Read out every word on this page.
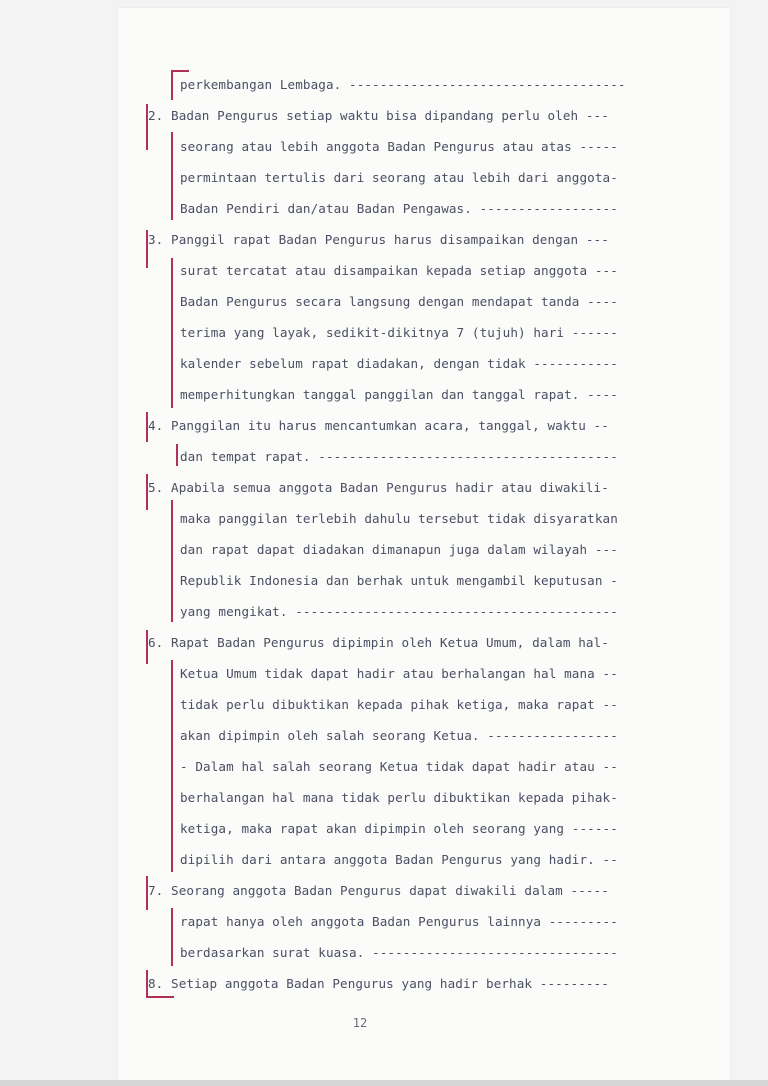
perkembangan Lembaga. ------------------------------------
2. Badan Pengurus setiap waktu bisa dipandang perlu oleh ---
seorang atau lebih anggota Badan Pengurus atau atas -----
permintaan tertulis dari seorang atau lebih dari anggota-
Badan Pendiri dan/atau Badan Pengawas. ------------------
3. Panggil rapat Badan Pengurus harus disampaikan dengan ---
surat tercatat atau disampaikan kepada setiap anggota ---
Badan Pengurus secara langsung dengan mendapat tanda ----
terima yang layak, sedikit-dikitnya 7 (tujuh) hari ------
kalender sebelum rapat diadakan, dengan tidak -----------
memperhitungkan tanggal panggilan dan tanggal rapat. ----
4. Panggilan itu harus mencantumkan acara, tanggal, waktu --
dan tempat rapat. ---------------------------------------
5. Apabila semua anggota Badan Pengurus hadir atau diwakili-
maka panggilan terlebih dahulu tersebut tidak disyaratkan
dan rapat dapat diadakan dimanapun juga dalam wilayah ---
Republik Indonesia dan berhak untuk mengambil keputusan -
yang mengikat. ------------------------------------------
6. Rapat Badan Pengurus dipimpin oleh Ketua Umum, dalam hal-
Ketua Umum tidak dapat hadir atau berhalangan hal mana --
tidak perlu dibuktikan kepada pihak ketiga, maka rapat --
akan dipimpin oleh salah seorang Ketua. -----------------
- Dalam hal salah seorang Ketua tidak dapat hadir atau --
berhalangan hal mana tidak perlu dibuktikan kepada pihak-
ketiga, maka rapat akan dipimpin oleh seorang yang ------
dipilih dari antara anggota Badan Pengurus yang hadir. --
7. Seorang anggota Badan Pengurus dapat diwakili dalam -----
rapat hanya oleh anggota Badan Pengurus lainnya ---------
berdasarkan surat kuasa. --------------------------------
8. Setiap anggota Badan Pengurus yang hadir berhak ---------
12
